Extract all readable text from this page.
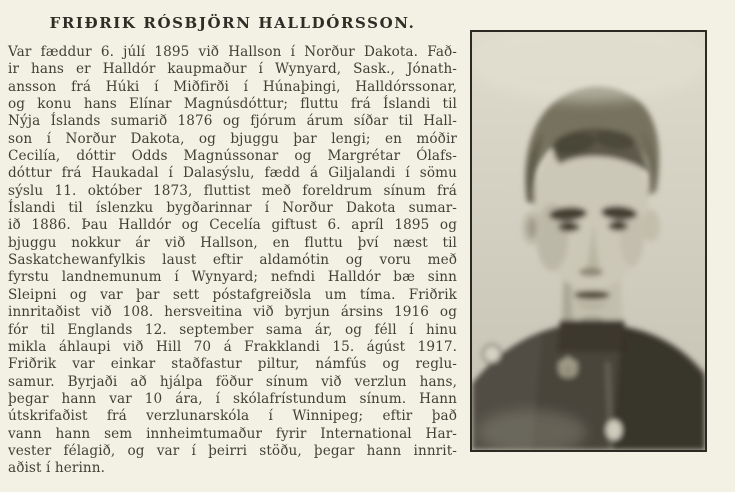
FRIÐRIK RÓSBJÖRN HALLDÓRSSON.
Var fæddur 6. júlí 1895 við Hallson í Norður Dakota. Fað-
ir hans er Halldór kaupmaður í Wynyard, Sask., Jónath-
ansson frá Húki í Miðfirði í Húnaþingi, Halldórssonar,
og konu hans Elínar Magnúsdóttur; fluttu frá Íslandi til
Nýja Íslands sumarið 1876 og fjórum árum síðar til Hall-
son í Norður Dakota, og bjuggu þar lengi; en móðir
Cecilía, dóttir Odds Magnússonar og Margrétar Ólafs-
dóttur frá Haukadal í Dalasýslu, fædd á Giljalandi í sömu
sýslu 11. október 1873, fluttist með foreldrum sínum frá
Íslandi til íslenzku bygðarinnar í Norður Dakota sumar-
ið 1886. Þau Halldór og Cecelía giftust 6. apríl 1895 og
bjuggu nokkur ár við Hallson, en fluttu því næst til
Saskatchewanfylkis laust eftir aldamótin og voru með
fyrstu landnemunum í Wynyard; nefndi Halldór bæ sinn
Sleipni og var þar sett póstafgreiðsla um tíma. Friðrik
innritaðist við 108. hersveitina við byrjun ársins 1916 og
fór til Englands 12. september sama ár, og féll í hinu
mikla áhlaupi við Hill 70 á Frakklandi 15. ágúst 1917.
Friðrik var einkar staðfastur piltur, námfús og reglu-
samur. Byrjaði að hjálpa föður sínum við verzlun hans,
þegar hann var 10 ára, í skólafrístundum sínum. Hann
útskrifaðist frá verzlunarskóla í Winnipeg; eftir það
vann hann sem innheimtumaður fyrir International Har-
vester félagið, og var í þeirri stöðu, þegar hann innrit-
aðist í herinn.
